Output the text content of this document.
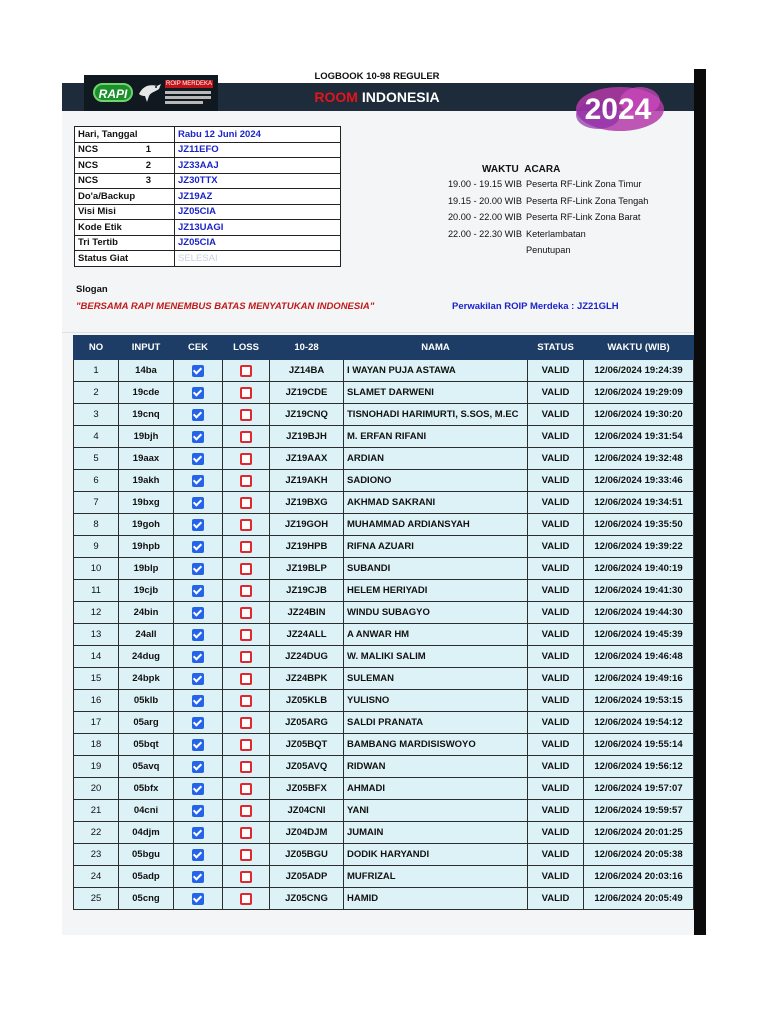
RAPI
ROIP MERDEKA
LOGBOOK 10-98 REGULER
ROOM INDONESIA	2024
Hari, Tanggal	Rabu 12 Juni 2024

NCS 1	JZ11EFO

NCS 2	JZ33AAJ

NCS 3	JZ30TTX

Do'a/Backup	JZ19AZ

Visi Misi	JZ05CIA

Kode Etik	JZ13UAGI

Tri Tertib	JZ05CIA

Status Giat	SELESAI
WAKTU ACARA
19.00 - 19.15 WIB Peserta RF-Link Zona Timur
19.15 - 20.00 WIB Peserta RF-Link Zona Tengah
20.00 - 22.00 WIB Peserta RF-Link Zona Barat
22.00 - 22.30 WIB Keterlambatan
Penutupan
Slogan
"BERSAMA RAPI MENEMBUS BATAS MENYATUKAN INDONESIA"	Perwakilan ROIP Merdeka : JZ21GLH
NO	INPUT	CEK	LOSS	10-28	NAMA	STATUS	WAKTU (WIB)
1	14ba			JZ14BA	I WAYAN PUJA ASTAWA	VALID	12/06/2024 19:24:39
2	19cde			JZ19CDE	SLAMET DARWENI	VALID	12/06/2024 19:29:09
3	19cnq			JZ19CNQ	TISNOHADI HARIMURTI, S.SOS, M.EC	VALID	12/06/2024 19:30:20
4	19bjh			JZ19BJH	M. ERFAN RIFANI	VALID	12/06/2024 19:31:54
5	19aax			JZ19AAX	ARDIAN	VALID	12/06/2024 19:32:48
6	19akh			JZ19AKH	SADIONO	VALID	12/06/2024 19:33:46
7	19bxg			JZ19BXG	AKHMAD SAKRANI	VALID	12/06/2024 19:34:51
8	19goh			JZ19GOH	MUHAMMAD ARDIANSYAH	VALID	12/06/2024 19:35:50
9	19hpb			JZ19HPB	RIFNA AZUARI	VALID	12/06/2024 19:39:22
10	19blp			JZ19BLP	SUBANDI	VALID	12/06/2024 19:40:19
11	19cjb			JZ19CJB	HELEM HERIYADI	VALID	12/06/2024 19:41:30
12	24bin			JZ24BIN	WINDU SUBAGYO	VALID	12/06/2024 19:44:30
13	24all			JZ24ALL	A ANWAR HM	VALID	12/06/2024 19:45:39
14	24dug			JZ24DUG	W. MALIKI SALIM	VALID	12/06/2024 19:46:48
15	24bpk			JZ24BPK	SULEMAN	VALID	12/06/2024 19:49:16
16	05klb			JZ05KLB	YULISNO	VALID	12/06/2024 19:53:15
17	05arg			JZ05ARG	SALDI PRANATA	VALID	12/06/2024 19:54:12
18	05bqt			JZ05BQT	BAMBANG MARDISISWOYO	VALID	12/06/2024 19:55:14
19	05avq			JZ05AVQ	RIDWAN	VALID	12/06/2024 19:56:12
20	05bfx			JZ05BFX	AHMADI	VALID	12/06/2024 19:57:07
21	04cni			JZ04CNI	YANI	VALID	12/06/2024 19:59:57
22	04djm			JZ04DJM	JUMAIN	VALID	12/06/2024 20:01:25
23	05bgu			JZ05BGU	DODIK HARYANDI	VALID	12/06/2024 20:05:38
24	05adp			JZ05ADP	MUFRIZAL	VALID	12/06/2024 20:03:16
25	05cng			JZ05CNG	HAMID	VALID	12/06/2024 20:05:49
